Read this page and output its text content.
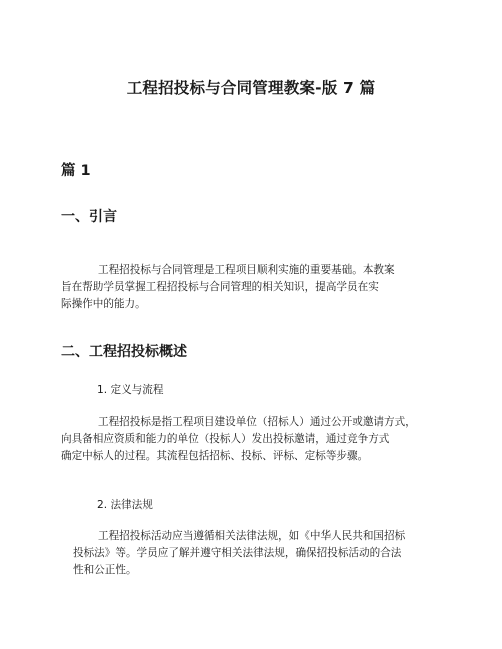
工程招投标与合同管理教案-版 7 篇
篇 1
一、引言

工程招投标与合同管理是工程项目顺利实施的重要基础。本教案
旨在帮助学员掌握工程招投标与合同管理的相关知识，提高学员在实
际操作中的能力。

二、工程招投标概述
1. 定义与流程

工程招投标是指工程项目建设单位（招标人）通过公开或邀请方式，
向具备相应资质和能力的单位（投标人）发出投标邀请，通过竞争方式
确定中标人的过程。其流程包括招标、投标、评标、定标等步骤。

2. 法律法规

工程招投标活动应当遵循相关法律法规，如《中华人民共和国招标
投标法》等。学员应了解并遵守相关法律法规，确保招投标活动的合法
性和公正性。
